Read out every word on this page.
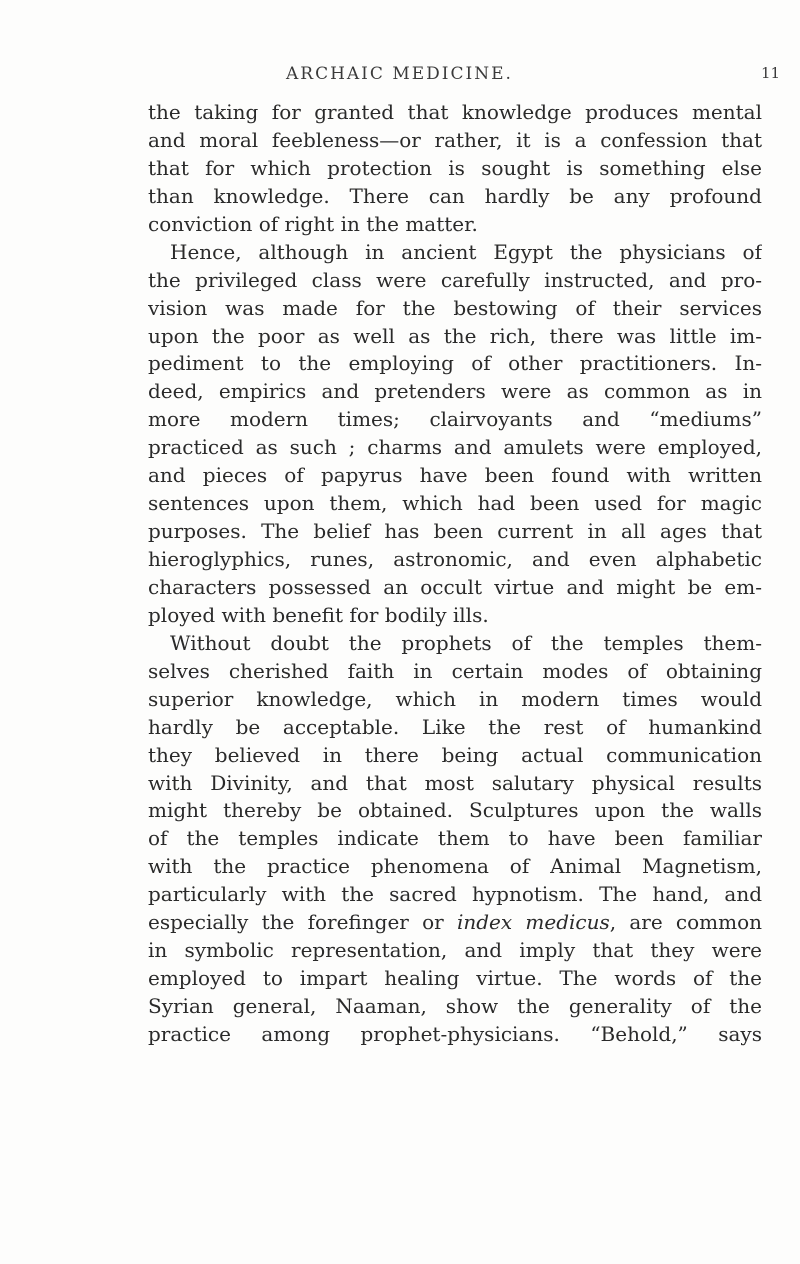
ARCHAIC MEDICINE.	11
the taking for granted that knowledge produces mental
and moral feebleness—or rather, it is a confession that
that for which protection is sought is something else
than knowledge. There can hardly be any profound
conviction of right in the matter.
Hence, although in ancient Egypt the physicians of
the privileged class were carefully instructed, and pro-
vision was made for the bestowing of their services
upon the poor as well as the rich, there was little im-
pediment to the employing of other practitioners. In-
deed, empirics and pretenders were as common as in
more modern times; clairvoyants and “mediums”
practiced as such ; charms and amulets were employed,
and pieces of papyrus have been found with written
sentences upon them, which had been used for magic
purposes. The belief has been current in all ages that
hieroglyphics, runes, astronomic, and even alphabetic
characters possessed an occult virtue and might be em-
ployed with benefit for bodily ills.
Without doubt the prophets of the temples them-
selves cherished faith in certain modes of obtaining
superior knowledge, which in modern times would
hardly be acceptable. Like the rest of humankind
they believed in there being actual communication
with Divinity, and that most salutary physical results
might thereby be obtained. Sculptures upon the walls
of the temples indicate them to have been familiar
with the practice phenomena of Animal Magnetism,
particularly with the sacred hypnotism. The hand, and
especially the forefinger or index medicus, are common
in symbolic representation, and imply that they were
employed to impart healing virtue. The words of the
Syrian general, Naaman, show the generality of the
practice among prophet-physicians. “Behold,” says
